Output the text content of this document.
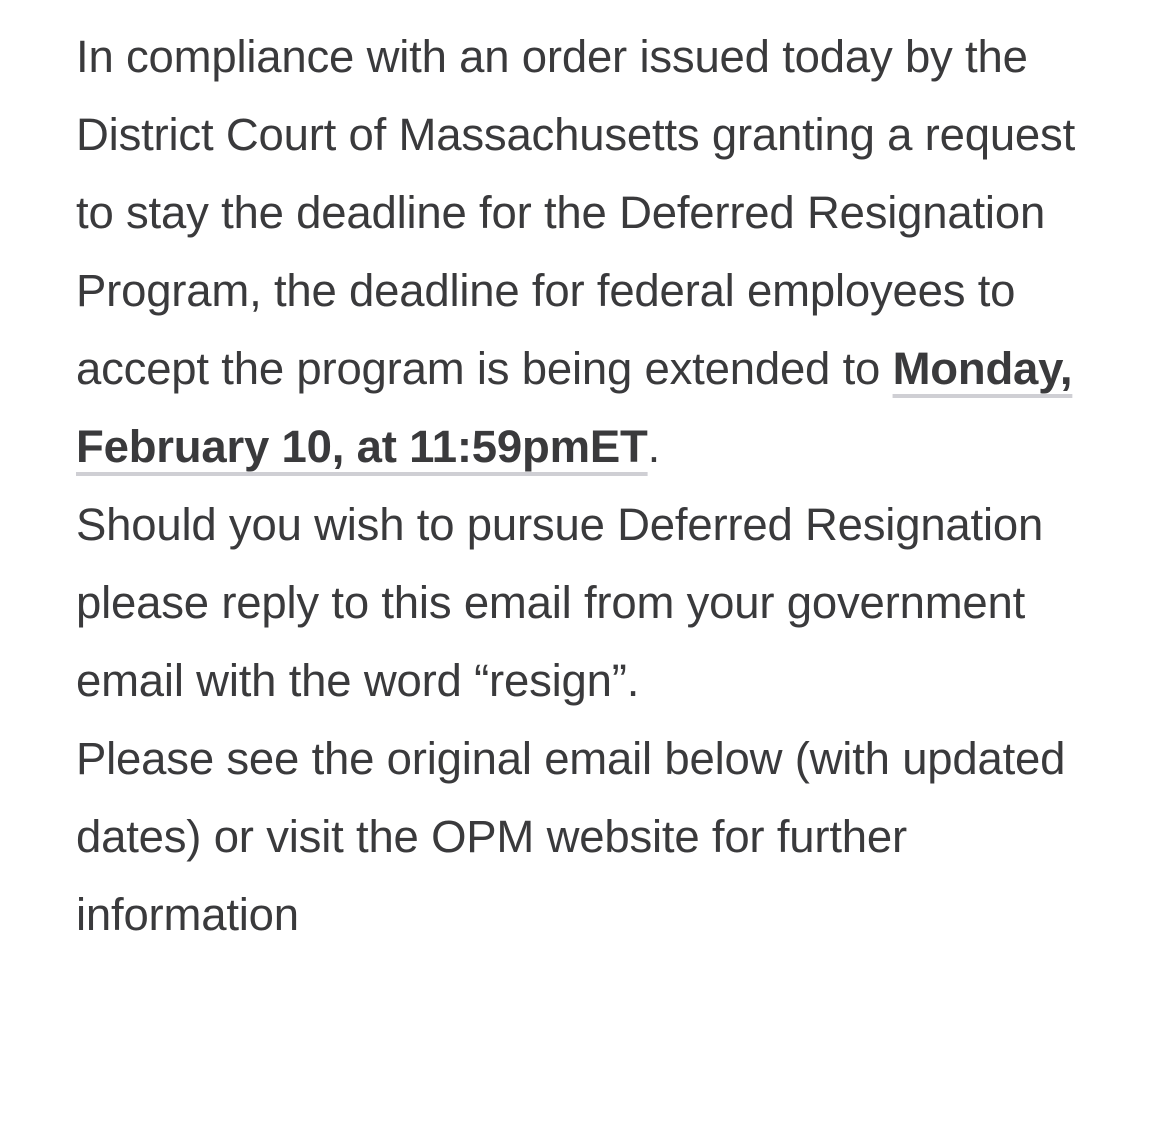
In compliance with an order issued today by the District Court of Massachusetts granting a request to stay the deadline for the Deferred Resignation Program, the deadline for federal employees to accept the program is being extended to Monday, February 10, at 11:59pmET.

Should you wish to pursue Deferred Resignation please reply to this email from your government email with the word “resign”.

Please see the original email below (with updated dates) or visit the OPM website for further information
